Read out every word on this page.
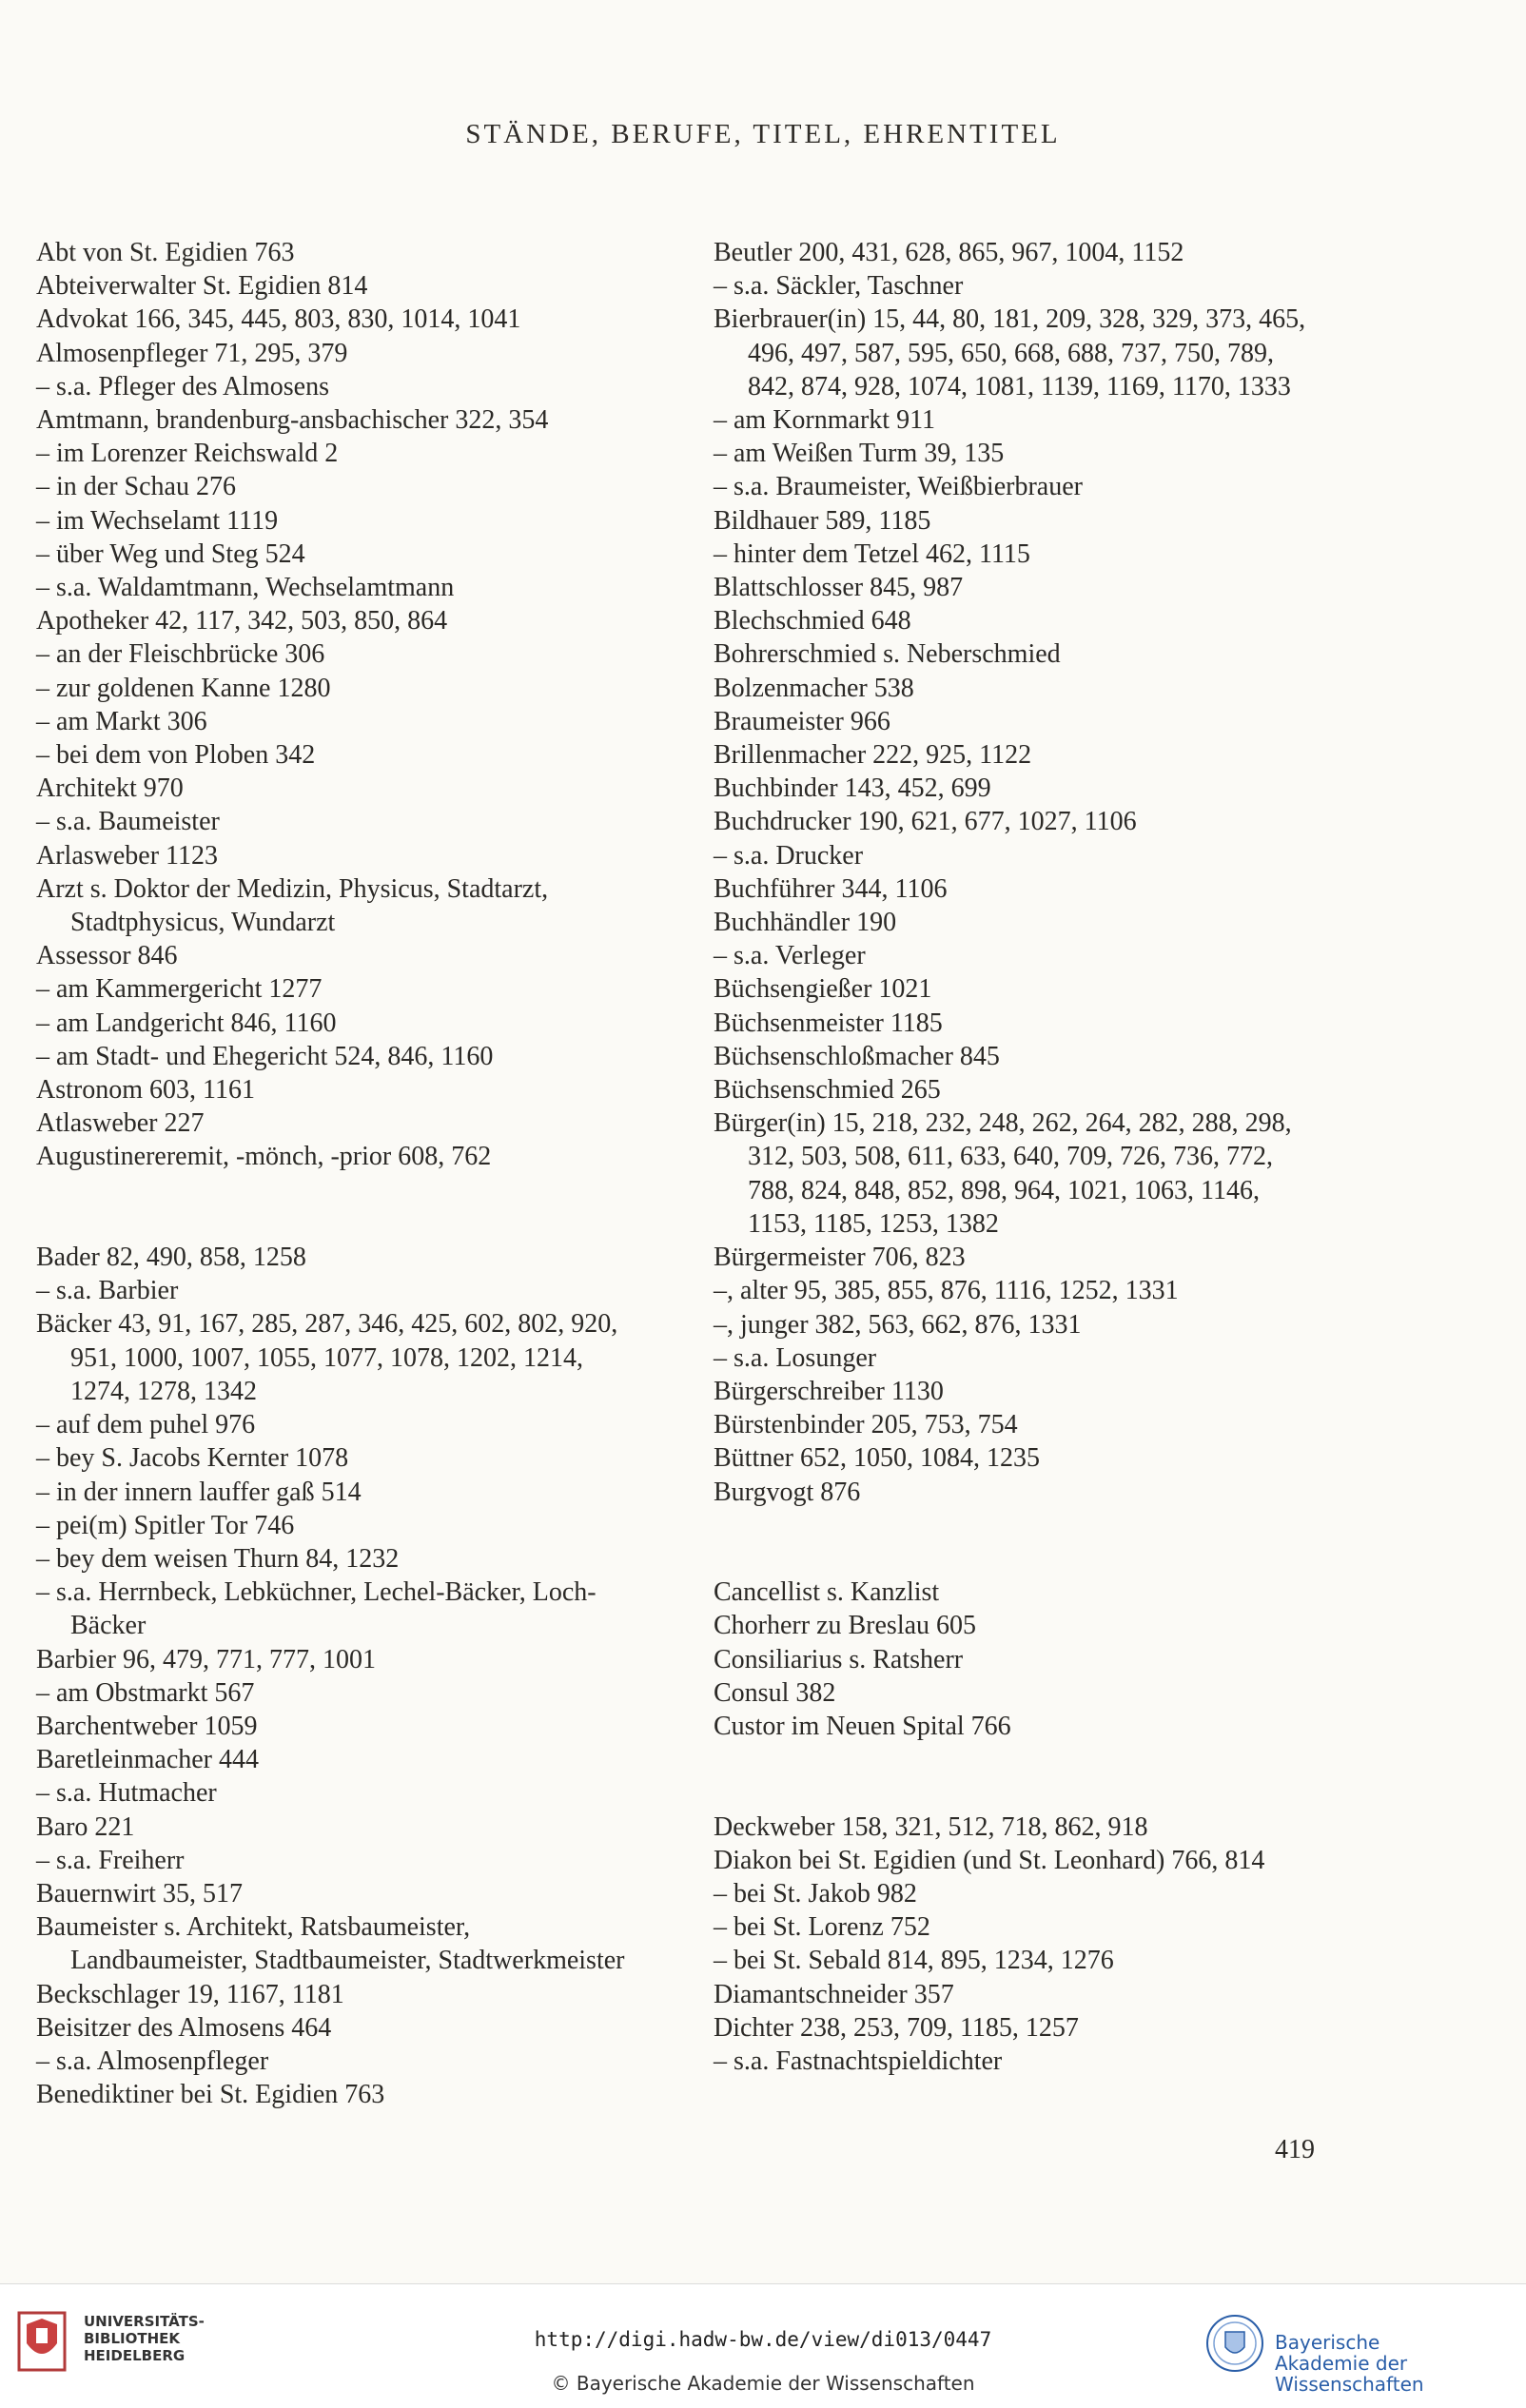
STÄNDE, BERUFE, TITEL, EHRENTITEL
Abt von St. Egidien 763
Abteiverwalter St. Egidien 814
Advokat 166, 345, 445, 803, 830, 1014, 1041
Almosenpfleger 71, 295, 379
– s.a. Pfleger des Almosens
Amtmann, brandenburg-ansbachischer 322, 354
– im Lorenzer Reichswald 2
– in der Schau 276
– im Wechselamt 1119
– über Weg und Steg 524
– s.a. Waldamtmann, Wechselamtmann
Apotheker 42, 117, 342, 503, 850, 864
– an der Fleischbrücke 306
– zur goldenen Kanne 1280
– am Markt 306
– bei dem von Ploben 342
Architekt 970
– s.a. Baumeister
Arlasweber 1123
Arzt s. Doktor der Medizin, Physicus, Stadtarzt, Stadtphysicus, Wundarzt
Assessor 846
– am Kammergericht 1277
– am Landgericht 846, 1160
– am Stadt- und Ehegericht 524, 846, 1160
Astronom 603, 1161
Atlasweber 227
Augustinereremit, -mönch, -prior 608, 762
Bader 82, 490, 858, 1258
– s.a. Barbier
Bäcker 43, 91, 167, 285, 287, 346, 425, 602, 802, 920, 951, 1000, 1007, 1055, 1077, 1078, 1202, 1214, 1274, 1278, 1342
– auf dem puhel 976
– bey S. Jacobs Kernter 1078
– in der innern lauffer gaß 514
– pei(m) Spitler Tor 746
– bey dem weisen Thurn 84, 1232
– s.a. Herrnbeck, Lebküchner, Lechel-Bäcker, Loch-Bäcker
Barbier 96, 479, 771, 777, 1001
– am Obstmarkt 567
Barchentweber 1059
Baretleinmacher 444
– s.a. Hutmacher
Baro 221
– s.a. Freiherr
Bauernwirt 35, 517
Baumeister s. Architekt, Ratsbaumeister, Landbaumeister, Stadtbaumeister, Stadtwerkmeister
Beckschlager 19, 1167, 1181
Beisitzer des Almosens 464
– s.a. Almosenpfleger
Benediktiner bei St. Egidien 763
Beutler 200, 431, 628, 865, 967, 1004, 1152
– s.a. Säckler, Taschner
Bierbrauer(in) 15, 44, 80, 181, 209, 328, 329, 373, 465, 496, 497, 587, 595, 650, 668, 688, 737, 750, 789, 842, 874, 928, 1074, 1081, 1139, 1169, 1170, 1333
– am Kornmarkt 911
– am Weißen Turm 39, 135
– s.a. Braumeister, Weißbierbrauer
Bildhauer 589, 1185
– hinter dem Tetzel 462, 1115
Blattschlosser 845, 987
Blechschmied 648
Bohrerschmied s. Neberschmied
Bolzenmacher 538
Braumeister 966
Brillenmacher 222, 925, 1122
Buchbinder 143, 452, 699
Buchdrucker 190, 621, 677, 1027, 1106
– s.a. Drucker
Buchführer 344, 1106
Buchhändler 190
– s.a. Verleger
Büchsengießer 1021
Büchsenmeister 1185
Büchsenschloßmacher 845
Büchsenschmied 265
Bürger(in) 15, 218, 232, 248, 262, 264, 282, 288, 298, 312, 503, 508, 611, 633, 640, 709, 726, 736, 772, 788, 824, 848, 852, 898, 964, 1021, 1063, 1146, 1153, 1185, 1253, 1382
Bürgermeister 706, 823
–, alter 95, 385, 855, 876, 1116, 1252, 1331
–, junger 382, 563, 662, 876, 1331
– s.a. Losunger
Bürgerschreiber 1130
Bürstenbinder 205, 753, 754
Büttner 652, 1050, 1084, 1235
Burgvogt 876
Cancellist s. Kanzlist
Chorherr zu Breslau 605
Consiliarius s. Ratsherr
Consul 382
Custor im Neuen Spital 766
Deckweber 158, 321, 512, 718, 862, 918
Diakon bei St. Egidien (und St. Leonhard) 766, 814
– bei St. Jakob 982
– bei St. Lorenz 752
– bei St. Sebald 814, 895, 1234, 1276
Diamantschneider 357
Dichter 238, 253, 709, 1185, 1257
– s.a. Fastnachtspieldichter
419
UNIVERSITÄTS-
BIBLIOTHEK
HEIDELBERG
http://digi.hadw-bw.de/view/di013/0447
© Bayerische Akademie der Wissenschaften
Bayerische
Akademie der Wissenschaften
